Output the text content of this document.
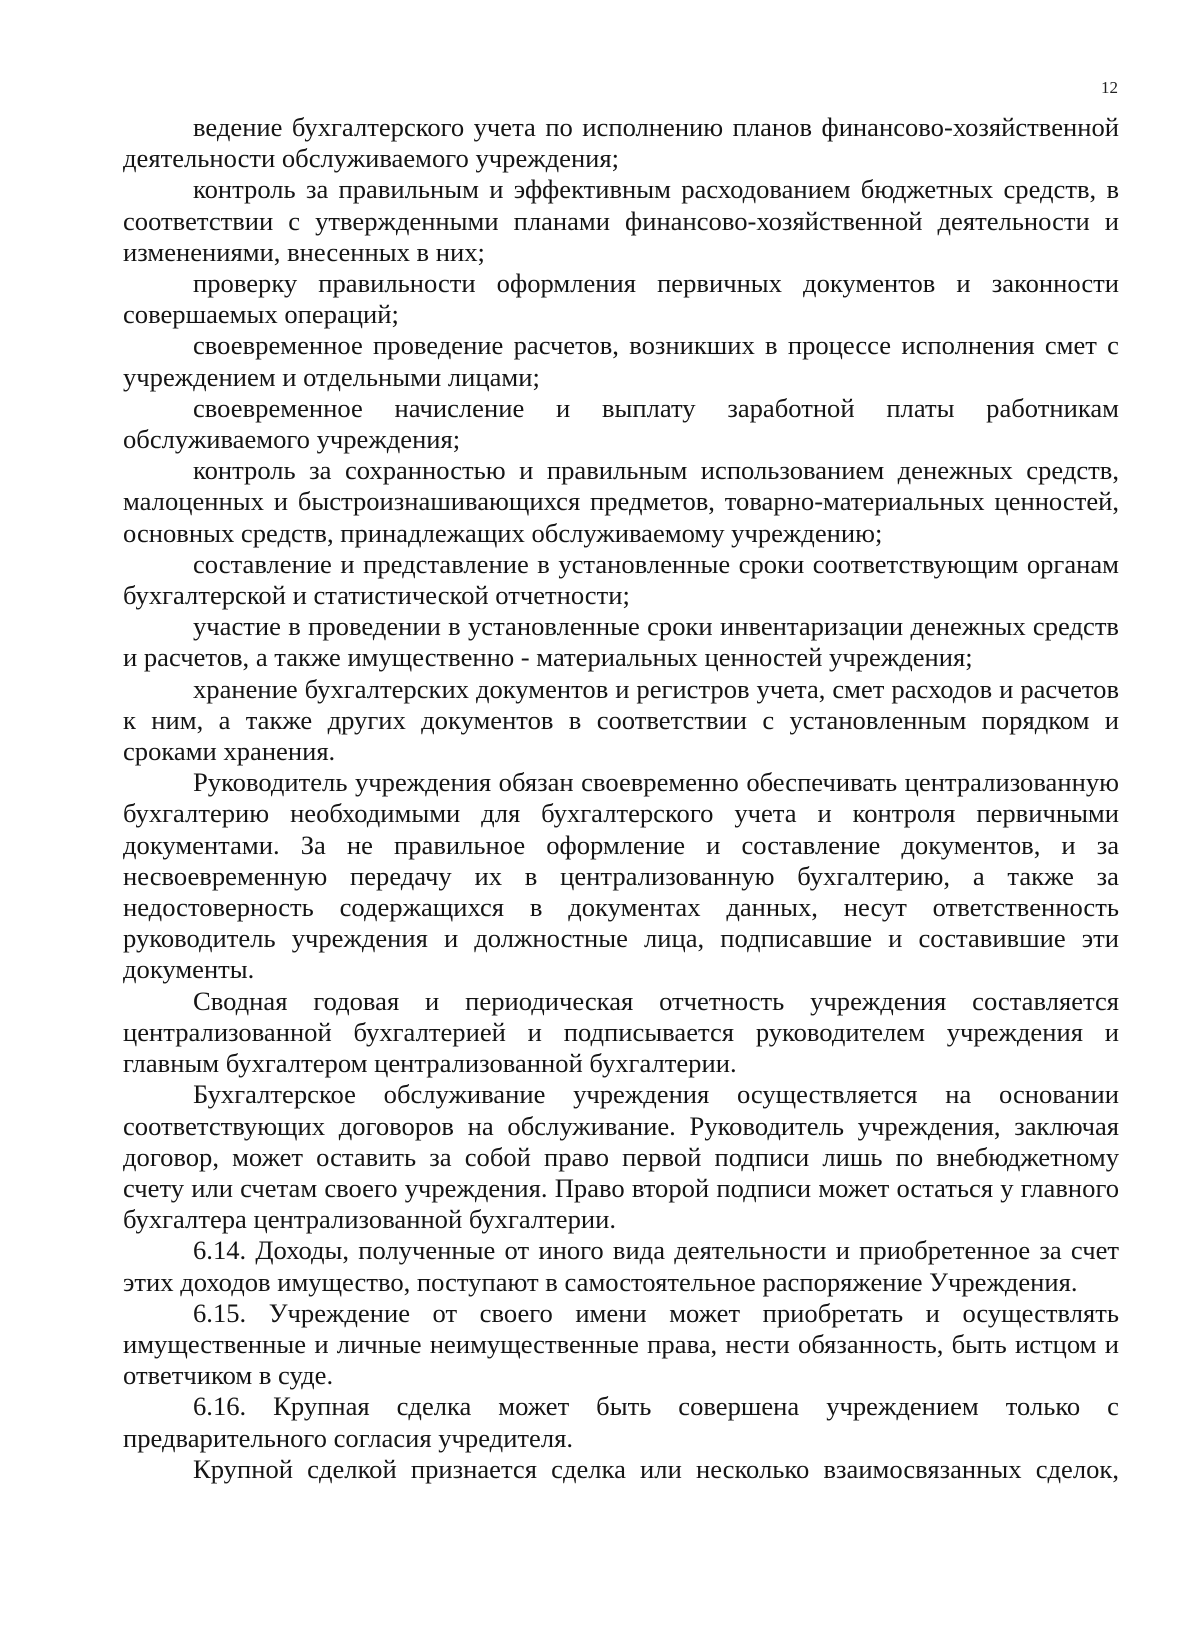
12

ведение бухгалтерского учета по исполнению планов финансово-хозяйственной деятельности обслуживаемого учреждения;

контроль за правильным и эффективным расходованием бюджетных средств, в соответствии с утвержденными планами финансово-хозяйственной деятельности и изменениями, внесенных в них;

проверку правильности оформления первичных документов и законности совершаемых операций;

своевременное проведение расчетов, возникших в процессе исполнения смет с учреждением и отдельными лицами;

своевременное начисление и выплату заработной платы работникам обслуживаемого учреждения;

контроль за сохранностью и правильным использованием денежных средств, малоценных и быстроизнашивающихся предметов, товарно-материальных ценностей, основных средств, принадлежащих обслуживаемому учреждению;

составление и представление в установленные сроки соответствующим органам бухгалтерской и статистической отчетности;

участие в проведении в установленные сроки инвентаризации денежных средств и расчетов, а также имущественно - материальных ценностей учреждения;

хранение бухгалтерских документов и регистров учета, смет расходов и расчетов к ним, а также других документов в соответствии с установленным порядком и сроками хранения.

Руководитель учреждения обязан своевременно обеспечивать централизованную бухгалтерию необходимыми для бухгалтерского учета и контроля первичными документами. За не правильное оформление и составление документов, и за несвоевременную передачу их в централизованную бухгалтерию, а также за недостоверность содержащихся в документах данных, несут ответственность руководитель учреждения и должностные лица, подписавшие и составившие эти документы.

Сводная годовая и периодическая отчетность учреждения составляется централизованной бухгалтерией и подписывается руководителем учреждения и главным бухгалтером централизованной бухгалтерии.

Бухгалтерское обслуживание учреждения осуществляется на основании соответствующих договоров на обслуживание. Руководитель учреждения, заключая договор, может оставить за собой право первой подписи лишь по внебюджетному счету или счетам своего учреждения. Право второй подписи может остаться у главного бухгалтера централизованной бухгалтерии.

6.14. Доходы, полученные от иного вида деятельности и приобретенное за счет этих доходов имущество, поступают в самостоятельное распоряжение Учреждения.

6.15. Учреждение от своего имени может приобретать и осуществлять имущественные и личные неимущественные права, нести обязанность, быть истцом и ответчиком в суде.

6.16. Крупная сделка может быть совершена учреждением только с предварительного согласия учредителя.

Крупной сделкой признается сделка или несколько взаимосвязанных сделок,
